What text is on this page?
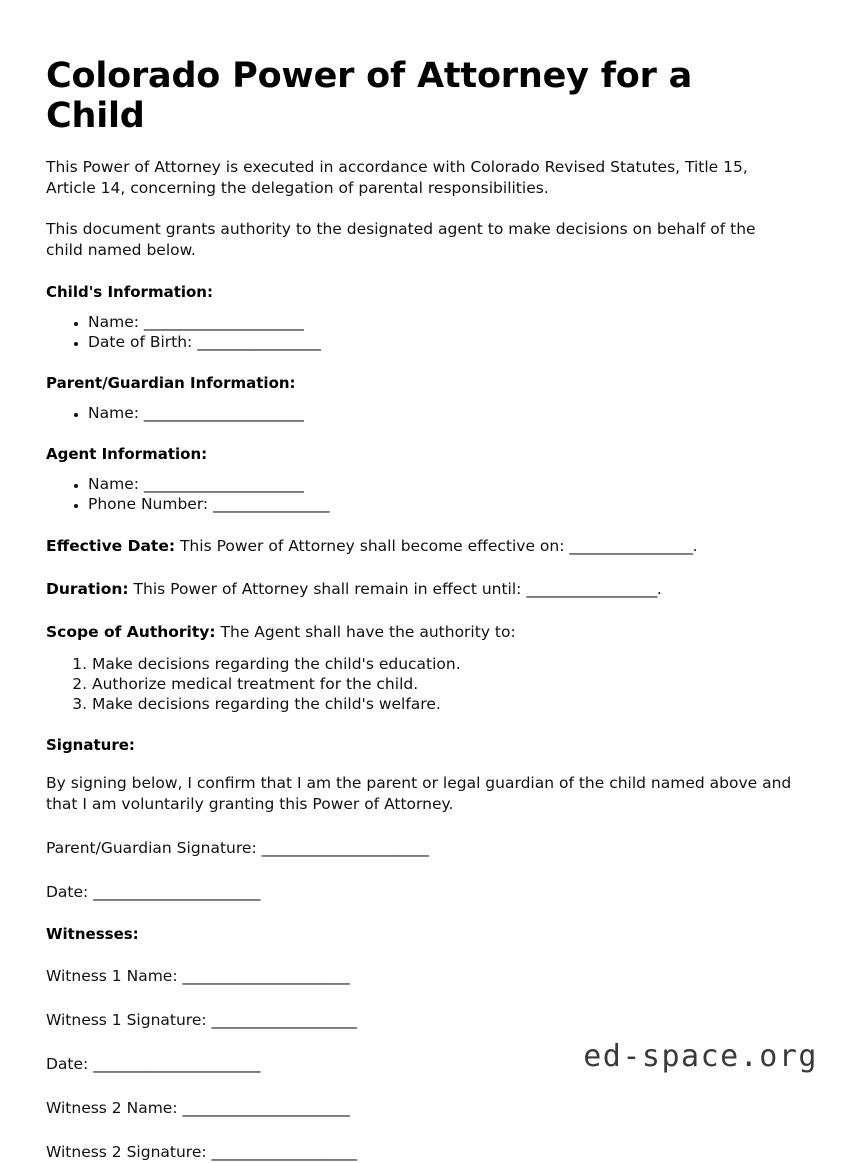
Colorado Power of Attorney for a Child

This Power of Attorney is executed in accordance with Colorado Revised Statutes, Title 15, Article 14, concerning the delegation of parental responsibilities.

This document grants authority to the designated agent to make decisions on behalf of the child named below.

Child's Information:
• Name: ______________________
• Date of Birth: _________________
Parent/Guardian Information:
• Name: ______________________
Agent Information:
• Name: ______________________
• Phone Number: ________________

Effective Date: This Power of Attorney shall become effective on: _________________.

Duration: This Power of Attorney shall remain in effect until: __________________.

Scope of Authority: The Agent shall have the authority to:

1. Make decisions regarding the child's education.
2. Authorize medical treatment for the child.
3. Make decisions regarding the child's welfare.
Signature:

By signing below, I confirm that I am the parent or legal guardian of the child named above and that I am voluntarily granting this Power of Attorney.

Parent/Guardian Signature: _______________________

Date: _______________________

Witnesses:

Witness 1 Name: _______________________

Witness 1 Signature: ____________________

Date: _______________________

Witness 2 Name: _______________________

Witness 2 Signature: ____________________

ed-space.org
